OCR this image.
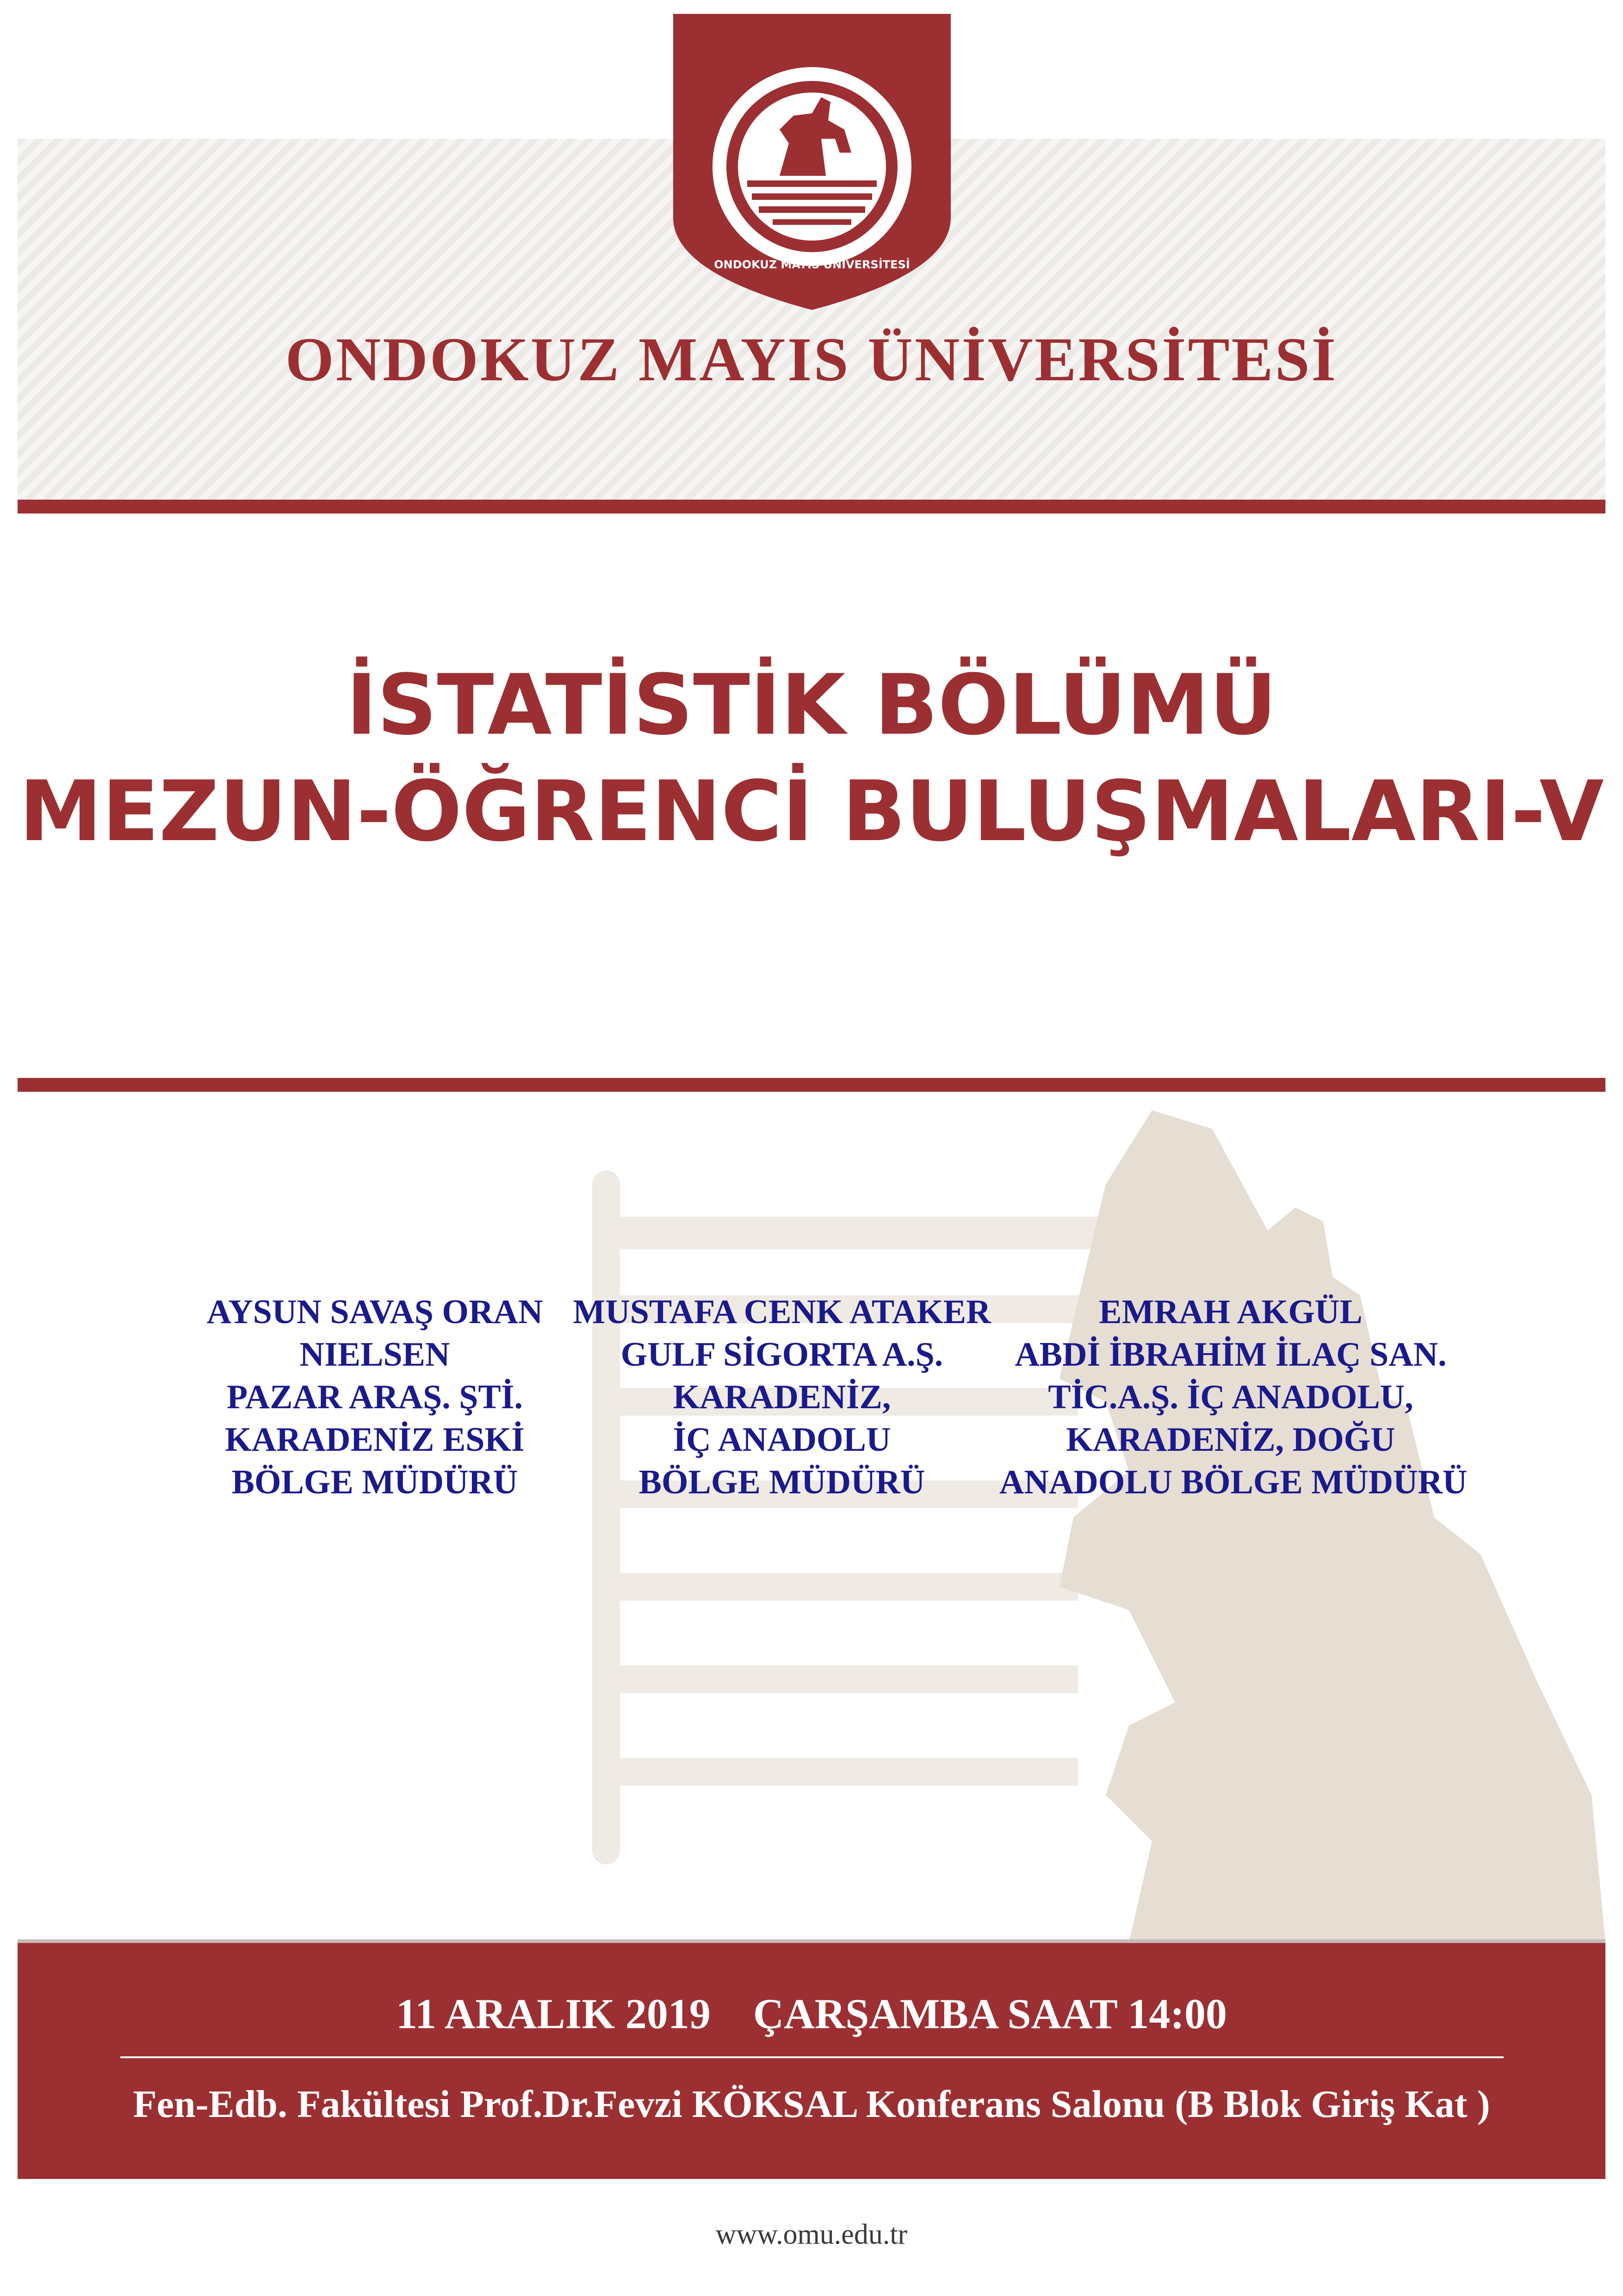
ONDOKUZ MAYIS ÜNİVERSİTESİ
ONDOKUZ MAYIS ÜNİVERSİTESİ
İSTATİSTİK BÖLÜMÜ
MEZUN-ÖĞRENCİ BULUŞMALARI-V
AYSUN SAVAŞ ORAN
NIELSEN
PAZAR ARAŞ. ŞTİ.
KARADENİZ ESKİ
BÖLGE MÜDÜRÜ
MUSTAFA CENK ATAKER
GULF SİGORTA A.Ş.
KARADENİZ,
İÇ ANADOLU
BÖLGE MÜDÜRÜ
EMRAH AKGÜL
ABDİ İBRAHİM İLAÇ SAN.
TİC.A.Ş. İÇ ANADOLU,
KARADENİZ, DOĞU
ANADOLU BÖLGE MÜDÜRÜ
11 ARALIK 2019    ÇARŞAMBA SAAT 14:00
Fen-Edb. Fakültesi Prof.Dr.Fevzi KÖKSAL Konferans Salonu (B Blok Giriş Kat )
www.omu.edu.tr
